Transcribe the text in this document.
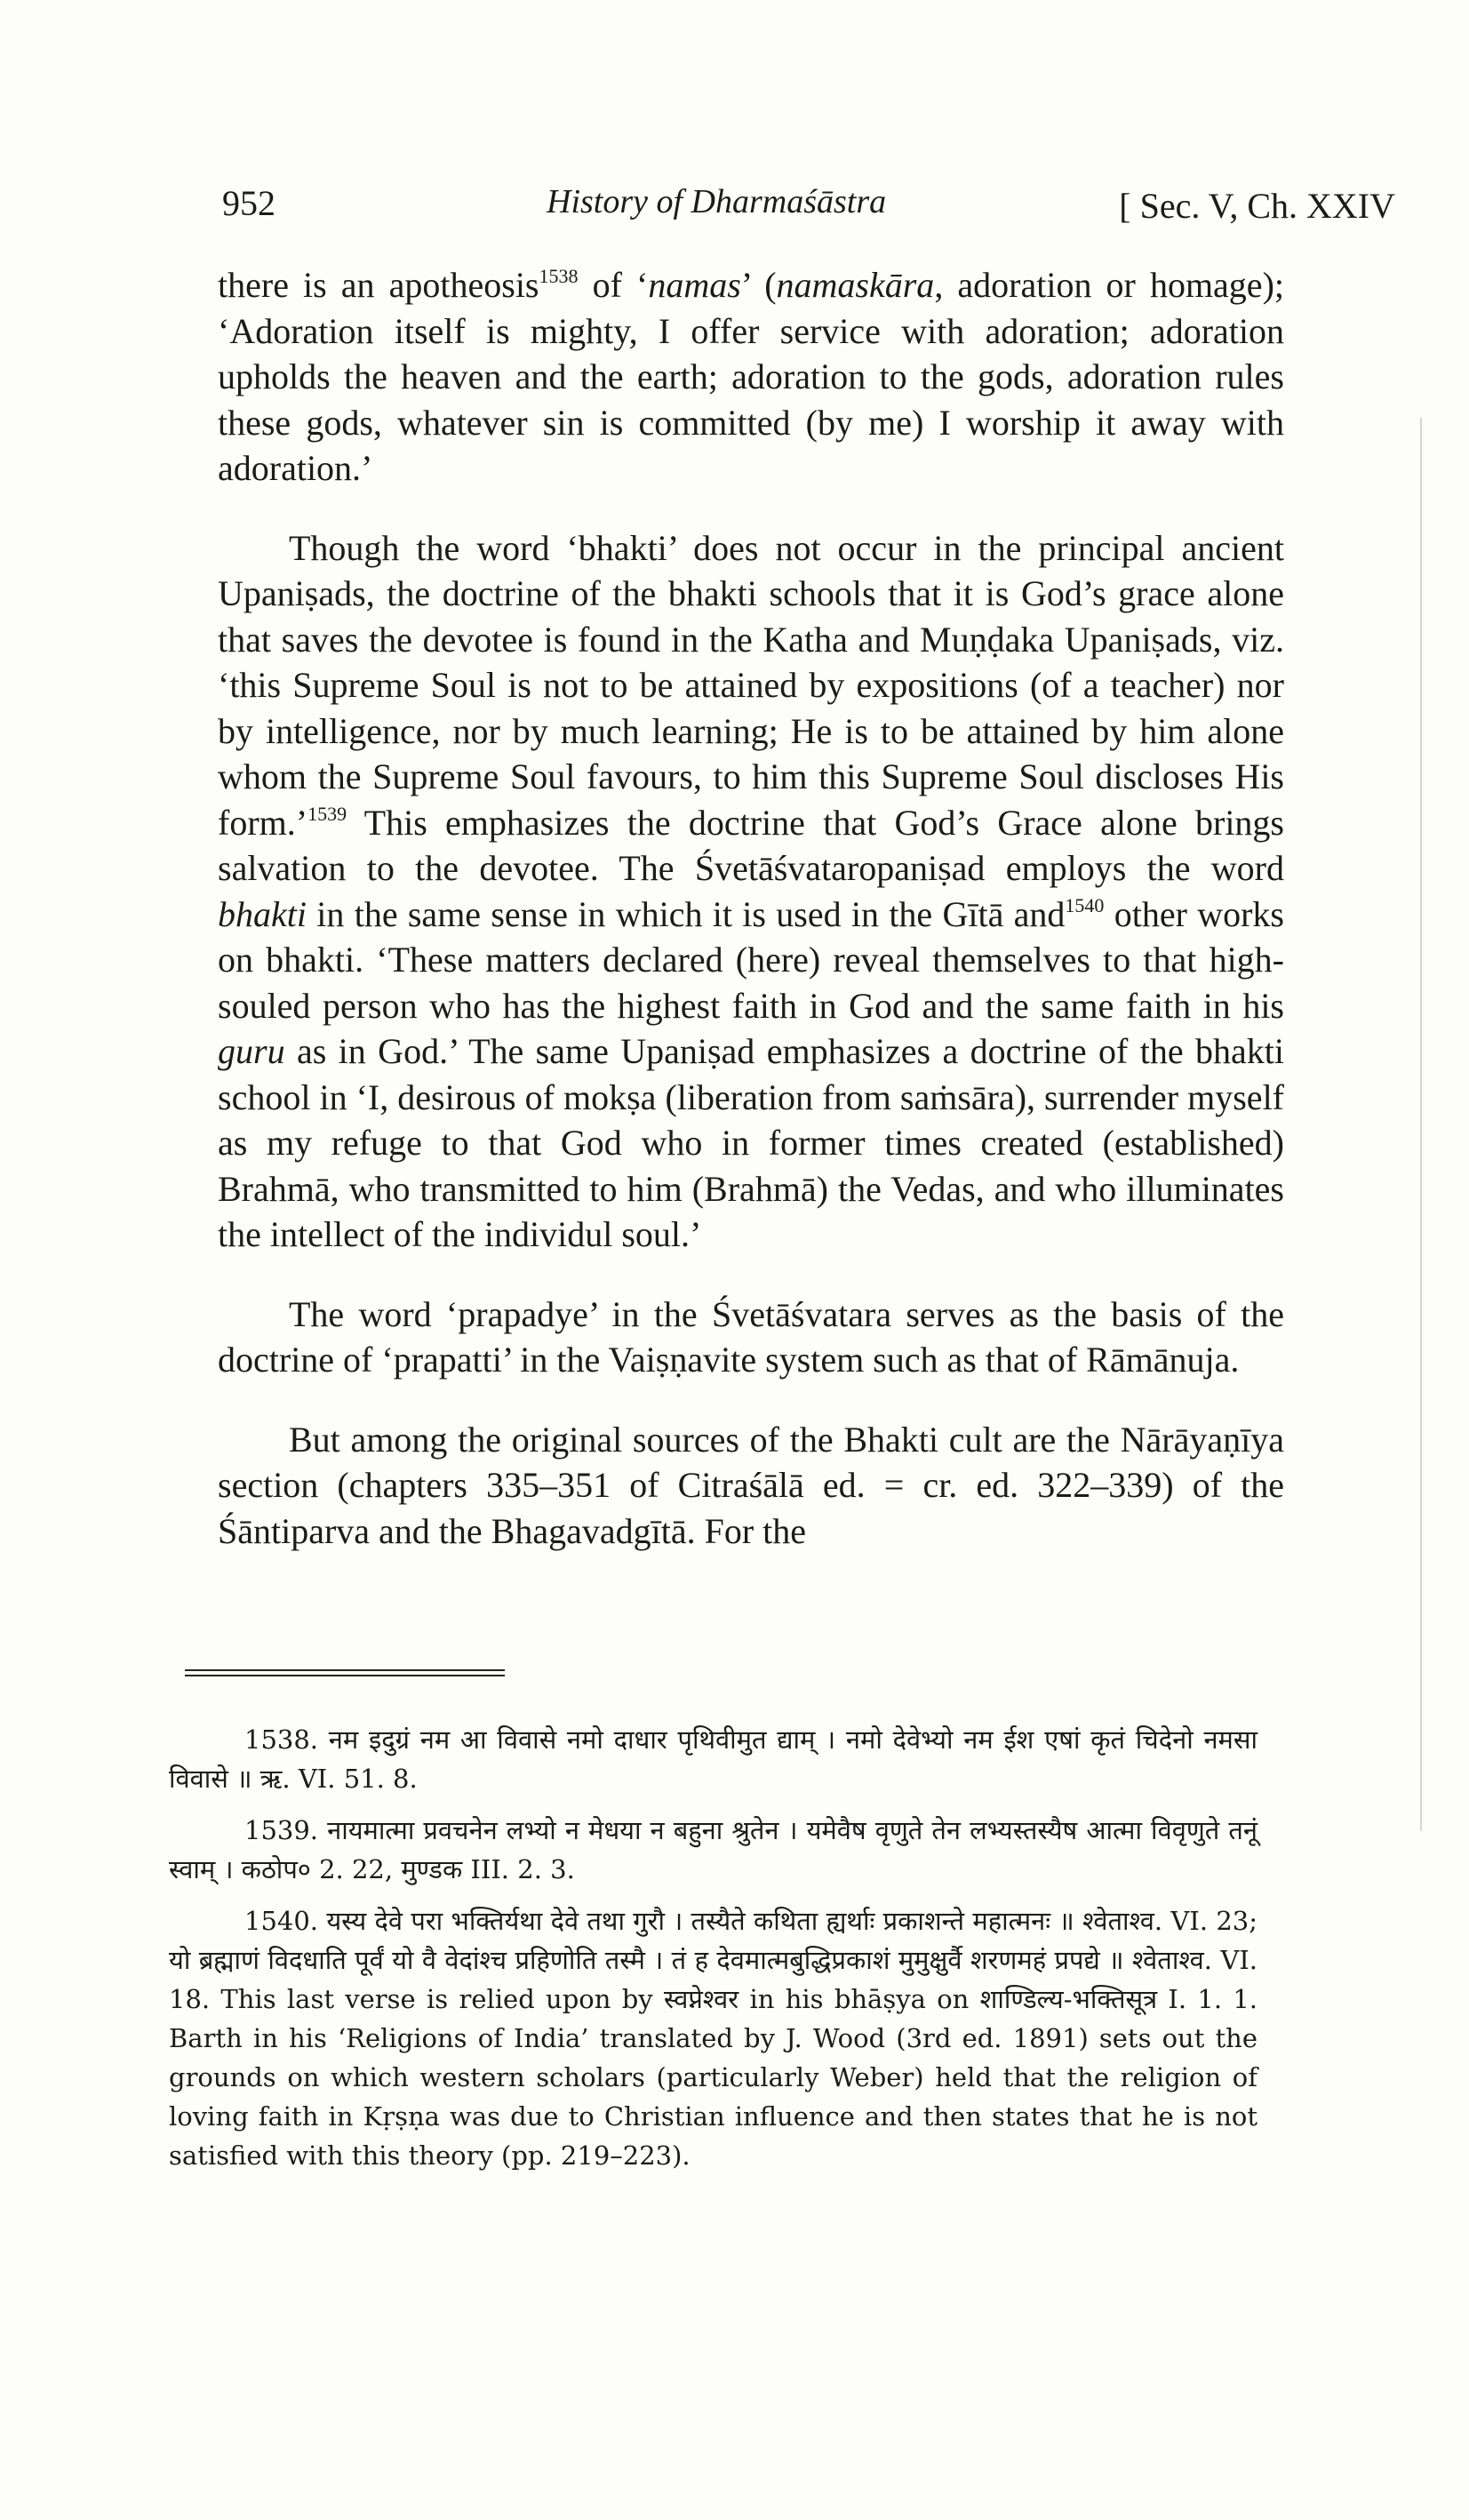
952	History of Dharmaśāstra	[ Sec. V, Ch. XXIV

there is an apotheosis$^{1538}$ of ‘namas’ (namaskāra, adoration or homage); ‘Adoration itself is mighty, I offer service with adoration; adoration upholds the heaven and the earth; adoration to the gods, adoration rules these gods, whatever sin is committed (by me) I worship it away with adoration.’

Though the word ‘bhakti’ does not occur in the principal ancient Upaniṣads, the doctrine of the bhakti schools that it is God’s grace alone that saves the devotee is found in the Katha and Muṇḍaka Upaniṣads, viz. ‘this Supreme Soul is not to be attained by expositions (of a teacher) nor by intelligence, nor by much learning; He is to be attained by him alone whom the Supreme Soul favours, to him this Supreme Soul discloses His form.’$^{1539}$ This emphasizes the doctrine that God’s Grace alone brings salvation to the devotee. The Śvetāśvataropaniṣad employs the word bhakti in the same sense in which it is used in the Gītā and$^{1540}$ other works on bhakti. ‘These matters declared (here) reveal themselves to that high-souled person who has the highest faith in God and the same faith in his guru as in God.’ The same Upaniṣad emphasizes a doctrine of the bhakti school in ‘I, desirous of mokṣa (liberation from saṁsāra), surrender myself as my refuge to that God who in former times created (established) Brahmā, who transmitted to him (Brahmā) the Vedas, and who illuminates the intellect of the individul soul.’

The word ‘prapadye’ in the Śvetāśvatara serves as the basis of the doctrine of ‘prapatti’ in the Vaiṣṇavite system such as that of Rāmānuja.

But among the original sources of the Bhakti cult are the Nārāyaṇīya section (chapters 335–351 of Citraśālā ed. = cr. ed. 322–339) of the Śāntiparva and the Bhagavadgītā. For the

1538. नम इदुग्रं नम आ विवासे नमो दाधार पृथिवीमुत द्याम् । नमो देवेभ्यो नम ईश एषां कृतं चिदेनो नमसा विवासे ॥ ऋ. VI. 51. 8.

1539. नायमात्मा प्रवचनेन लभ्यो न मेधया न बहुना श्रुतेन । यमेवैष वृणुते तेन लभ्यस्तस्यैष आत्मा विवृणुते तनूं स्वाम् । कठोप० 2. 22, मुण्डक III. 2. 3.

1540. यस्य देवे परा भक्तिर्यथा देवे तथा गुरौ । तस्यैते कथिता ह्यर्थाः प्रकाशन्ते महात्मनः ॥ श्वेताश्व. VI. 23; यो ब्रह्माणं विदधाति पूर्वं यो वै वेदांश्च प्रहिणोति तस्मै । तं ह देवमात्मबुद्धिप्रकाशं मुमुक्षुर्वै शरणमहं प्रपद्ये ॥ श्वेताश्व. VI. 18. This last verse is relied upon by स्वप्नेश्वर in his bhāṣya on शाण्डिल्य-भक्तिसूत्र I. 1. 1. Barth in his ‘Religions of India’ translated by J. Wood (3rd ed. 1891) sets out the grounds on which western scholars (particularly Weber) held that the religion of loving faith in Kṛṣṇa was due to Christian influence and then states that he is not satisfied with this theory (pp. 219–223).
